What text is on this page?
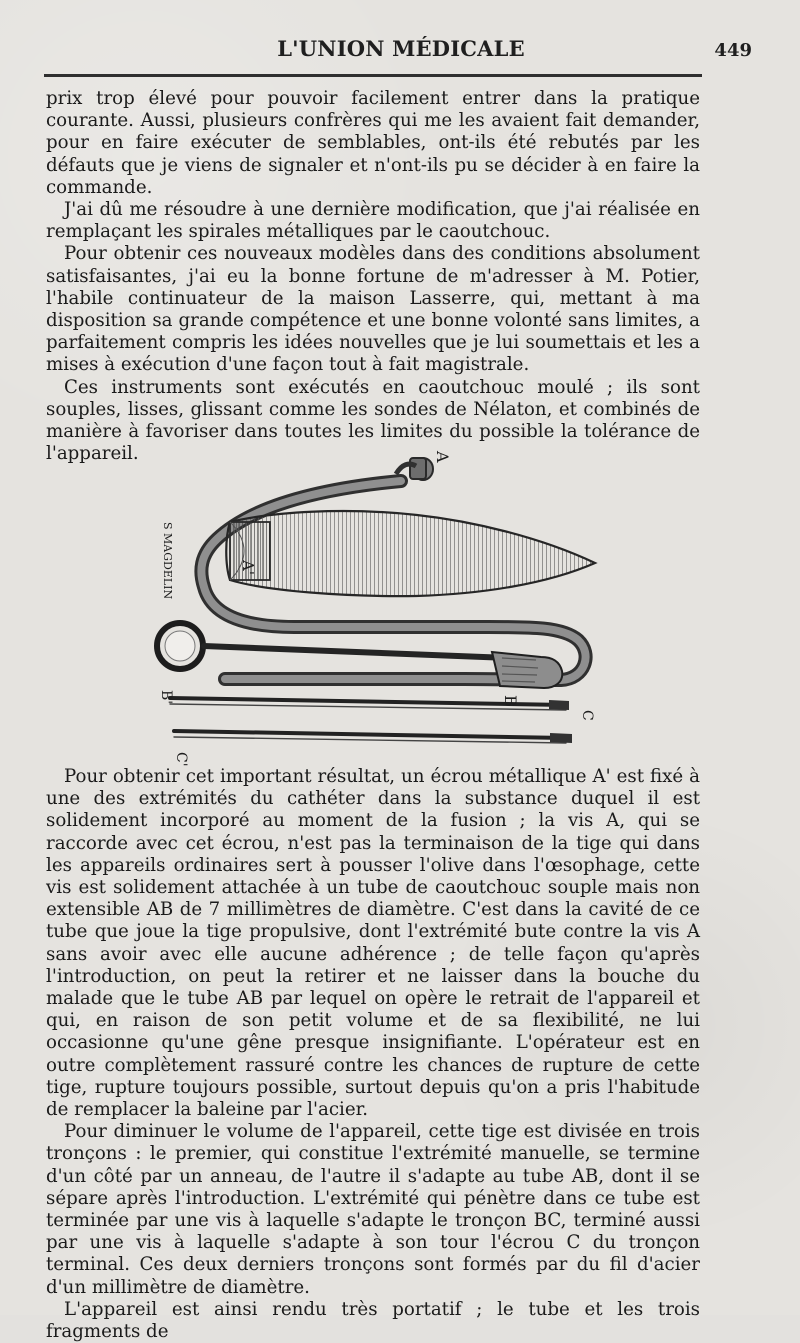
L'UNION MÉDICALE	449

prix trop élevé pour pouvoir facilement entrer dans la pratique courante. Aussi, plusieurs confrères qui me les avaient fait demander, pour en faire exécuter de semblables, ont-ils été rebutés par les défauts que je viens de signaler et n'ont-ils pu se décider à en faire la commande.

J'ai dû me résoudre à une dernière modification, que j'ai réalisée en remplaçant les spirales métalliques par le caoutchouc.

Pour obtenir ces nouveaux modèles dans des conditions absolument satisfaisantes, j'ai eu la bonne fortune de m'adresser à M. Potier, l'habile continuateur de la maison Lasserre, qui, mettant à ma disposition sa grande compétence et une bonne volonté sans limites, a parfaitement compris les idées nouvelles que je lui soumettais et les a mises à exécution d'une façon tout à fait magistrale.

Ces instruments sont exécutés en caoutchouc moulé ; ils sont souples, lisses, glissant comme les sondes de Nélaton, et combinés de manière à favoriser dans toutes les limites du possible la tolérance de l'appareil.	A
A'
S MAGDELIN
B
B'
C
C'

Pour obtenir cet important résultat, un écrou métallique A' est fixé à une des extrémités du cathéter dans la substance duquel il est solidement incorporé au moment de la fusion ; la vis A, qui se raccorde avec cet écrou, n'est pas la terminaison de la tige qui dans les appareils ordinaires sert à pousser l'olive dans l'œsophage, cette vis est solidement attachée à un tube de caoutchouc souple mais non extensible AB de 7 millimètres de diamètre. C'est dans la cavité de ce tube que joue la tige propulsive, dont l'extrémité bute contre la vis A sans avoir avec elle aucune adhérence ; de telle façon qu'après l'introduction, on peut la retirer et ne laisser dans la bouche du malade que le tube AB par lequel on opère le retrait de l'appareil et qui, en raison de son petit volume et de sa flexibilité, ne lui occasionne qu'une gêne presque insignifiante. L'opérateur est en outre complètement rassuré contre les chances de rupture de cette tige, rupture toujours possible, surtout depuis qu'on a pris l'habitude de remplacer la baleine par l'acier.

Pour diminuer le volume de l'appareil, cette tige est divisée en trois tronçons : le premier, qui constitue l'extrémité manuelle, se termine d'un côté par un anneau, de l'autre il s'adapte au tube AB, dont il se sépare après l'introduction. L'extrémité qui pénètre dans ce tube est terminée par une vis à laquelle s'adapte le tronçon BC, terminé aussi par une vis à laquelle s'adapte à son tour l'écrou C du tronçon terminal. Ces deux derniers tronçons sont formés par du fil d'acier d'un millimètre de diamètre.

L'appareil est ainsi rendu très portatif ; le tube et les trois fragments de
